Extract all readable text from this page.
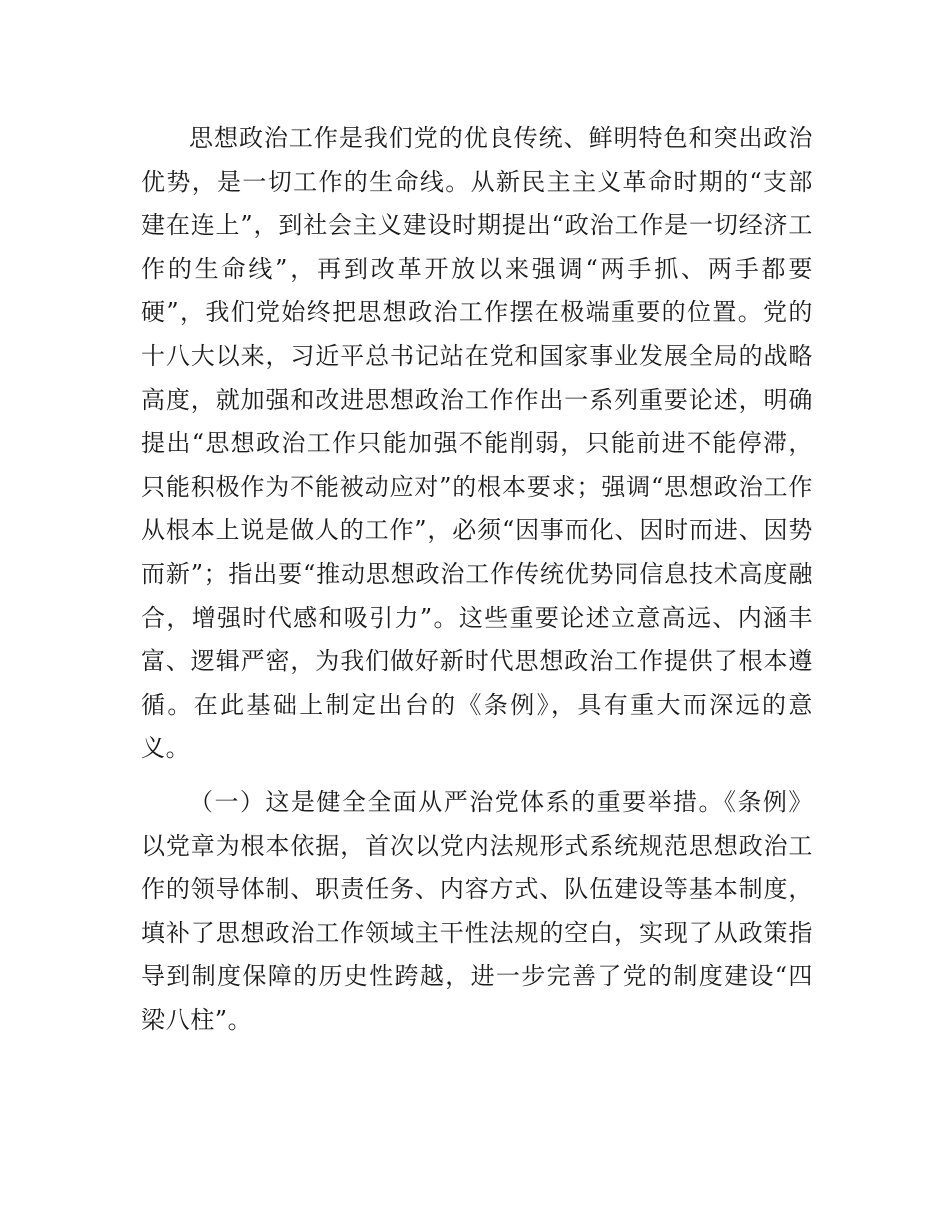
思想政治工作是我们党的优良传统、鲜明特色和突出政治优势，是一切工作的生命线。从新民主主义革命时期的“支部建在连上”，到社会主义建设时期提出“政治工作是一切经济工作的生命线”，再到改革开放以来强调“两手抓、两手都要硬”，我们党始终把思想政治工作摆在极端重要的位置。党的十八大以来，习近平总书记站在党和国家事业发展全局的战略高度，就加强和改进思想政治工作作出一系列重要论述，明确提出“思想政治工作只能加强不能削弱，只能前进不能停滞，只能积极作为不能被动应对”的根本要求；强调“思想政治工作从根本上说是做人的工作”，必须“因事而化、因时而进、因势而新”；指出要“推动思想政治工作传统优势同信息技术高度融合，增强时代感和吸引力”。这些重要论述立意高远、内涵丰富、逻辑严密，为我们做好新时代思想政治工作提供了根本遵循。在此基础上制定出台的《条例》，具有重大而深远的意义。

（一）这是健全全面从严治党体系的重要举措。《条例》以党章为根本依据，首次以党内法规形式系统规范思想政治工作的领导体制、职责任务、内容方式、队伍建设等基本制度，填补了思想政治工作领域主干性法规的空白，实现了从政策指导到制度保障的历史性跨越，进一步完善了党的制度建设“四梁八柱”。
